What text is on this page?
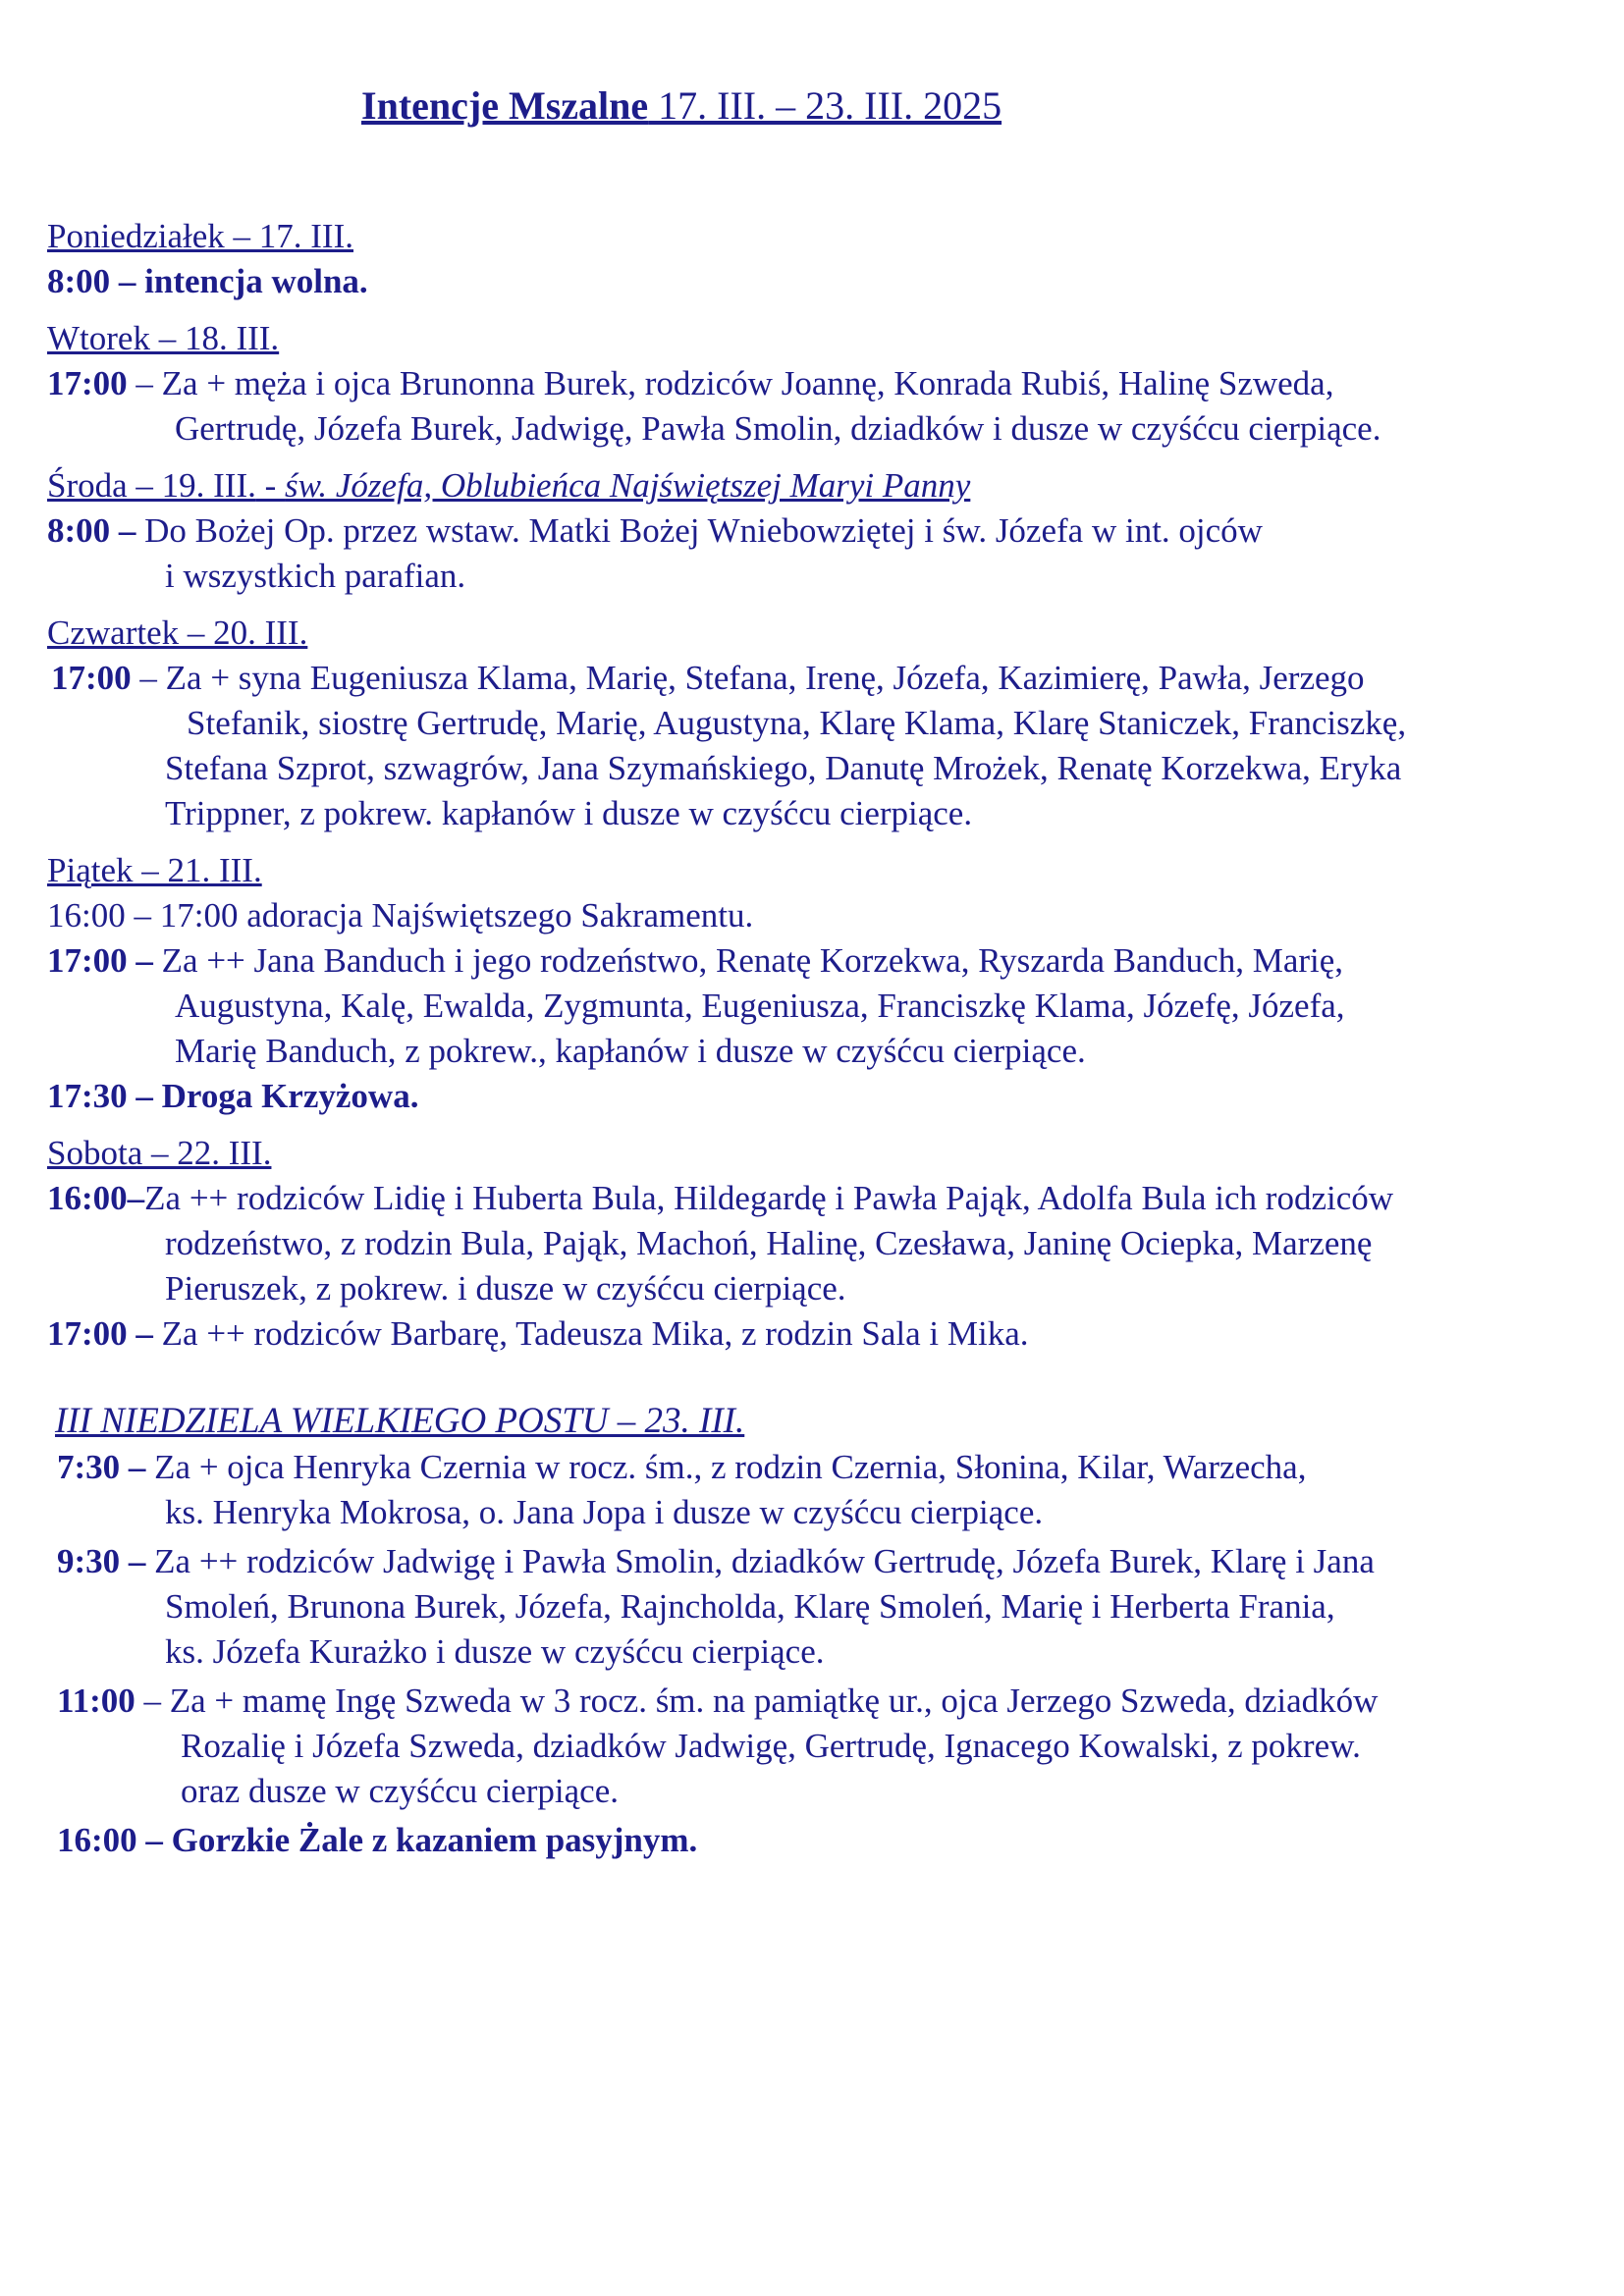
Intencje Mszalne 17. III. – 23. III. 2025
Poniedziałek – 17. III.
8:00 – intencja wolna.
Wtorek – 18. III.
17:00 – Za + męża i ojca Brunonna Burek, rodziców Joannę, Konrada Rubiś, Halinę Szweda,
Gertrudę, Józefa Burek, Jadwigę, Pawła Smolin, dziadków i dusze w czyśćcu cierpiące.
Środa – 19. III. - św. Józefa, Oblubieńca Najświętszej Maryi Panny
8:00 – Do Bożej Op. przez wstaw. Matki Bożej Wniebowziętej i św. Józefa w int. ojców
i wszystkich parafian.
Czwartek – 20. III.
17:00 – Za + syna Eugeniusza Klama, Marię, Stefana, Irenę, Józefa, Kazimierę, Pawła, Jerzego
Stefanik, siostrę Gertrudę, Marię, Augustyna, Klarę Klama, Klarę Staniczek, Franciszkę,
Stefana Szprot, szwagrów, Jana Szymańskiego, Danutę Mrożek, Renatę Korzekwa, Eryka
Trippner, z pokrew. kapłanów i dusze w czyśćcu cierpiące.
Piątek – 21. III.
16:00 – 17:00 adoracja Najświętszego Sakramentu.
17:00 – Za ++ Jana Banduch i jego rodzeństwo, Renatę Korzekwa, Ryszarda Banduch, Marię,
Augustyna, Kalę, Ewalda, Zygmunta, Eugeniusza, Franciszkę Klama, Józefę, Józefa,
Marię Banduch, z pokrew., kapłanów i dusze w czyśćcu cierpiące.
17:30 – Droga Krzyżowa.
Sobota – 22. III.
16:00–Za ++ rodziców Lidię i Huberta Bula, Hildegardę i Pawła Pająk, Adolfa Bula ich rodziców
rodzeństwo, z rodzin Bula, Pająk, Machoń, Halinę, Czesława, Janinę Ociepka, Marzenę
Pieruszek, z pokrew. i dusze w czyśćcu cierpiące.
17:00 – Za ++ rodziców Barbarę, Tadeusza Mika, z rodzin Sala i Mika.
III NIEDZIELA WIELKIEGO POSTU – 23. III.
7:30 – Za + ojca Henryka Czernia w rocz. śm., z rodzin Czernia, Słonina, Kilar, Warzecha,
ks. Henryka Mokrosa, o. Jana Jopa i dusze w czyśćcu cierpiące.
9:30 – Za ++ rodziców Jadwigę i Pawła Smolin, dziadków Gertrudę, Józefa Burek, Klarę i Jana
Smoleń, Brunona Burek, Józefa, Rajncholda, Klarę Smoleń, Marię i Herberta Frania,
ks. Józefa Kurażko i dusze w czyśćcu cierpiące.
11:00 – Za + mamę Ingę Szweda w 3 rocz. śm. na pamiątkę ur., ojca Jerzego Szweda, dziadków
Rozalię i Józefa Szweda, dziadków Jadwigę, Gertrudę, Ignacego Kowalski, z pokrew.
oraz dusze w czyśćcu cierpiące.
16:00 – Gorzkie Żale z kazaniem pasyjnym.
